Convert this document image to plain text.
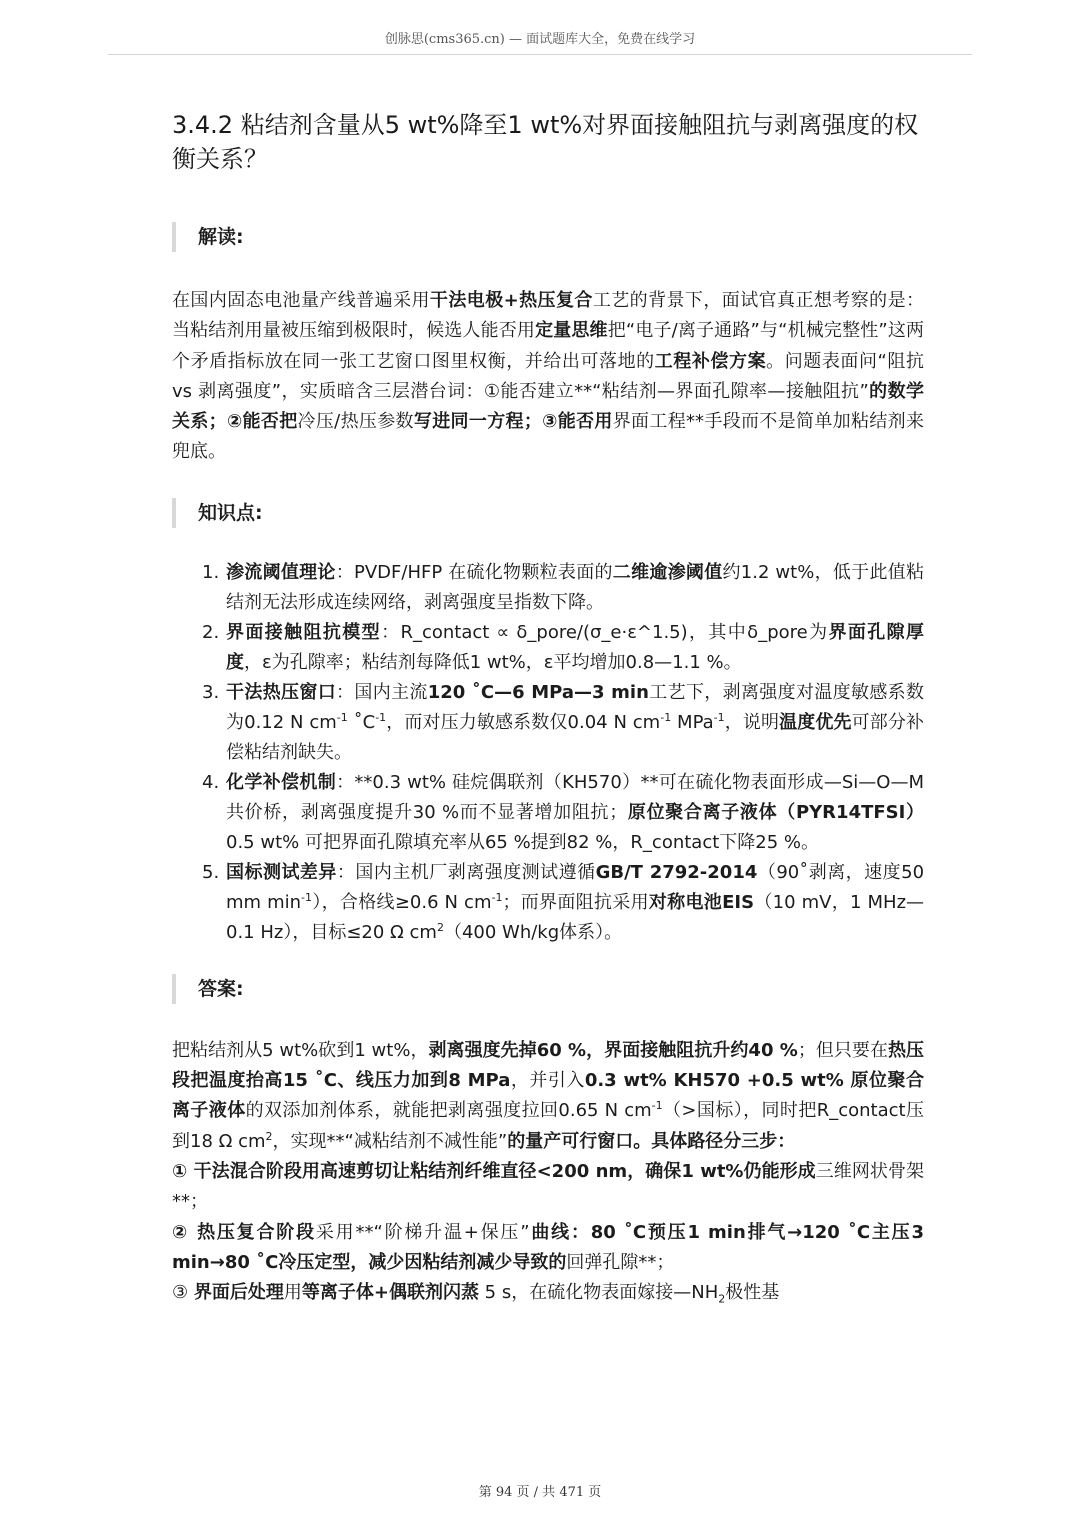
创脉思(cms365.cn) — 面试题库大全，免费在线学习
3.4.2 粘结剂含量从5 wt%降至1 wt%对界面接触阻抗与剥离强度的权衡关系？
解读:

在国内固态电池量产线普遍采用干法电极+热压复合工艺的背景下，面试官真正想考察的是：当粘结剂用量被压缩到极限时，候选人能否用定量思维把“电子/离子通路”与“机械完整性”这两个矛盾指标放在同一张工艺窗口图里权衡，并给出可落地的工程补偿方案。问题表面问“阻抗 vs 剥离强度”，实质暗含三层潜台词：①能否建立**“粘结剂—界面孔隙率—接触阻抗”的数学关系；②能否把冷压/热压参数写进同一方程；③能否用界面工程**手段而不是简单加粘结剂来兜底。

知识点:
1. 渗流阈值理论：PVDF/HFP 在硫化物颗粒表面的二维逾渗阈值约1.2 wt%，低于此值粘结剂无法形成连续网络，剥离强度呈指数下降。
2. 界面接触阻抗模型：R_contact ∝ δ_pore/(σ_e·ε^1.5)，其中δ_pore为界面孔隙厚度，ε为孔隙率；粘结剂每降低1 wt%，ε平均增加0.8—1.1 %。
3. 干法热压窗口：国内主流120 ˚C—6 MPa—3 min工艺下，剥离强度对温度敏感系数为0.12 N $cm^{-1}$ $˚C^{-1}$，而对压力敏感系数仅0.04 N $cm^{-1}$ MPa$^{-1}$，说明温度优先可部分补偿粘结剂缺失。
4. 化学补偿机制：**0.3 wt% 硅烷偶联剂（KH570）**可在硫化物表面形成—Si—O—M共价桥，剥离强度提升30 %而不显著增加阻抗；原位聚合离子液体（PYR14TFSI） 0.5 wt% 可把界面孔隙填充率从65 %提到82 %，R_contact下降25 %。
5. 国标测试差异：国内主机厂剥离强度测试遵循GB/T 2792-2014（90˚剥离，速度50 mm $\min^{-1}$），合格线≥0.6 N $cm^{-1}$；而界面阻抗采用对称电池EIS（10 mV，1 MHz—0.1 Hz），目标≤20 Ω $cm^2(400$ Wh/kg体系）。
答案:

把粘结剂从5 wt%砍到1 wt%，剥离强度先掉60 %，界面接触阻抗升约40 %；但只要在热压段把温度抬高15 ˚C、线压力加到8 MPa，并引入0.3 wt% KH570 +0.5 wt% 原位聚合离子液体的双添加剂体系，就能把剥离强度拉回0.65 N $cm^{-1}(>$国标），同时把R_contact压到18 Ω $cm^2$，实现**“减粘结剂不减性能”的量产可行窗口。具体路径分三步：

① 干法混合阶段用高速剪切让粘结剂纤维直径<200 nm，确保1 wt%仍能形成三维网状骨架**；

② 热压复合阶段采用**“阶梯升温+保压”曲线：80 ˚C预压1 min排气→120 ˚C主压3 min→80 ˚C冷压定型，减少因粘结剂减少导致的回弹孔隙**；

③ 界面后处理用等离子体+偶联剂闪蒸 5 s，在硫化物表面嫁接$—NH_2$极性基

第 94 页 / 共 471 页
